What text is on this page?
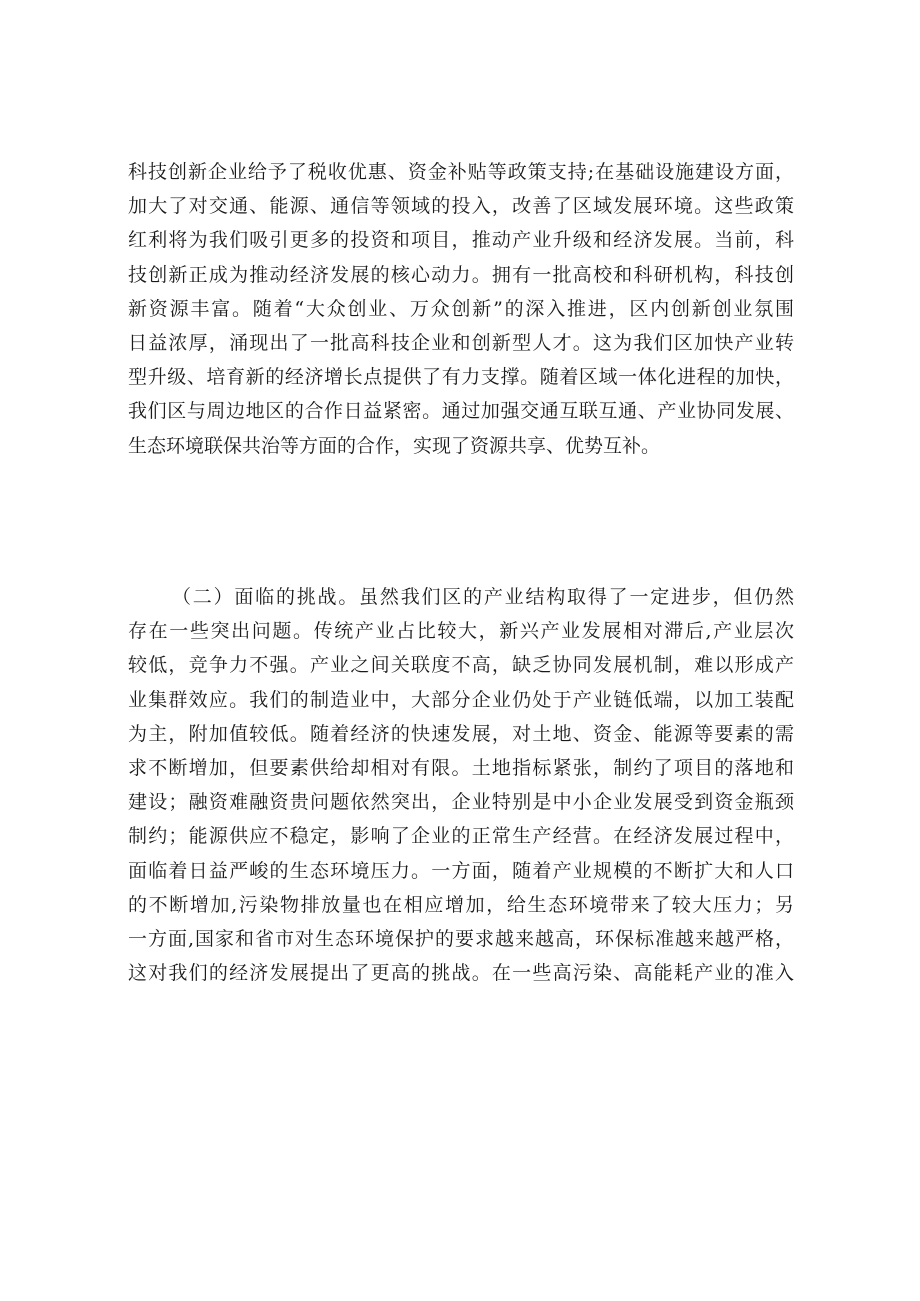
科技创新企业给予了税收优惠、资金补贴等政策支持;在基础设施建设方面，
加大了对交通、能源、通信等领域的投入，改善了区域发展环境。这些政策
红利将为我们吸引更多的投资和项目，推动产业升级和经济发展。当前，科
技创新正成为推动经济发展的核心动力。拥有一批高校和科研机构，科技创
新资源丰富。随着“大众创业、万众创新”的深入推进，区内创新创业氛围
日益浓厚，涌现出了一批高科技企业和创新型人才。这为我们区加快产业转
型升级、培育新的经济增长点提供了有力支撑。随着区域一体化进程的加快，
我们区与周边地区的合作日益紧密。通过加强交通互联互通、产业协同发展、
生态环境联保共治等方面的合作，实现了资源共享、优势互补。
（二）面临的挑战。虽然我们区的产业结构取得了一定进步，但仍然
存在一些突出问题。传统产业占比较大，新兴产业发展相对滞后,产业层次
较低，竞争力不强。产业之间关联度不高，缺乏协同发展机制，难以形成产
业集群效应。我们的制造业中，大部分企业仍处于产业链低端，以加工装配
为主，附加值较低。随着经济的快速发展，对土地、资金、能源等要素的需
求不断增加，但要素供给却相对有限。土地指标紧张，制约了项目的落地和
建设；融资难融资贵问题依然突出，企业特别是中小企业发展受到资金瓶颈
制约；能源供应不稳定，影响了企业的正常生产经营。在经济发展过程中，
面临着日益严峻的生态环境压力。一方面，随着产业规模的不断扩大和人口
的不断增加,污染物排放量也在相应增加，给生态环境带来了较大压力；另
一方面,国家和省市对生态环境保护的要求越来越高，环保标准越来越严格，
这对我们的经济发展提出了更高的挑战。在一些高污染、高能耗产业的准入
